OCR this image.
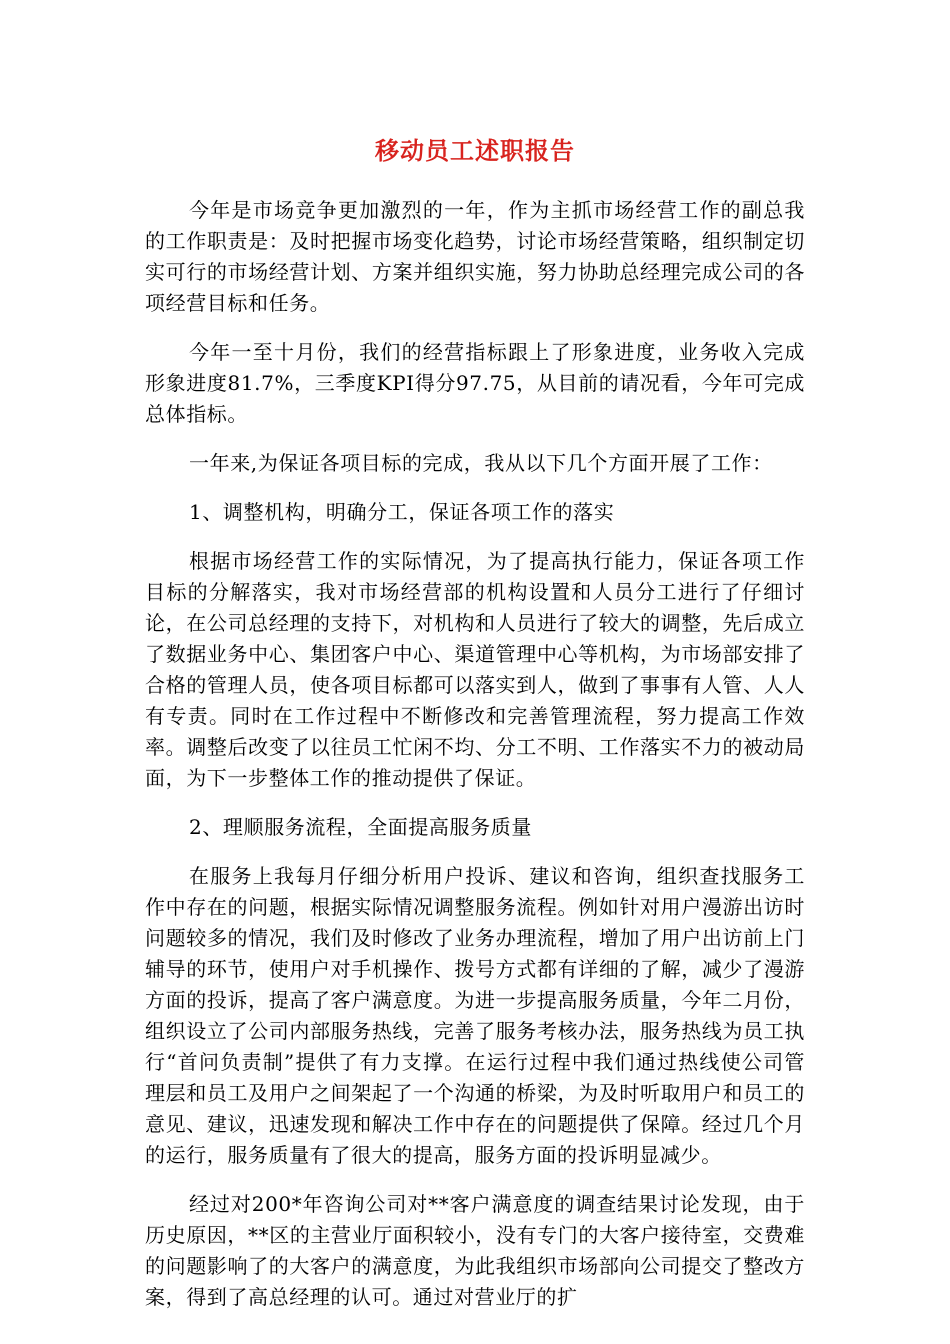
移动员工述职报告

今年是市场竞争更加激烈的一年，作为主抓市场经营工作的副总我的工作职责是：及时把握市场变化趋势，讨论市场经营策略，组织制定切实可行的市场经营计划、方案并组织实施，努力协助总经理完成公司的各项经营目标和任务。

今年一至十月份，我们的经营指标跟上了形象进度，业务收入完成形象进度81.7%，三季度KPI得分97.75，从目前的请况看，今年可完成总体指标。

一年来,为保证各项目标的完成，我从以下几个方面开展了工作：

1、调整机构，明确分工，保证各项工作的落实

根据市场经营工作的实际情况，为了提高执行能力，保证各项工作目标的分解落实，我对市场经营部的机构设置和人员分工进行了仔细讨论，在公司总经理的支持下，对机构和人员进行了较大的调整，先后成立了数据业务中心、集团客户中心、渠道管理中心等机构，为市场部安排了合格的管理人员，使各项目标都可以落实到人，做到了事事有人管、人人有专责。同时在工作过程中不断修改和完善管理流程，努力提高工作效率。调整后改变了以往员工忙闲不均、分工不明、工作落实不力的被动局面，为下一步整体工作的推动提供了保证。

2、理顺服务流程，全面提高服务质量

在服务上我每月仔细分析用户投诉、建议和咨询，组织查找服务工作中存在的问题，根据实际情况调整服务流程。例如针对用户漫游出访时问题较多的情况，我们及时修改了业务办理流程，增加了用户出访前上门辅导的环节，使用户对手机操作、拨号方式都有详细的了解，减少了漫游方面的投诉，提高了客户满意度。为进一步提高服务质量，今年二月份，组织设立了公司内部服务热线，完善了服务考核办法，服务热线为员工执行“首问负责制”提供了有力支撑。在运行过程中我们通过热线使公司管理层和员工及用户之间架起了一个沟通的桥梁，为及时听取用户和员工的意见、建议，迅速发现和解决工作中存在的问题提供了保障。经过几个月的运行，服务质量有了很大的提高，服务方面的投诉明显减少。

经过对200*年咨询公司对**客户满意度的调查结果讨论发现，由于历史原因，**区的主营业厅面积较小，没有专门的大客户接待室，交费难的问题影响了的大客户的满意度，为此我组织市场部向公司提交了整改方案，得到了高总经理的认可。通过对营业厅的扩
